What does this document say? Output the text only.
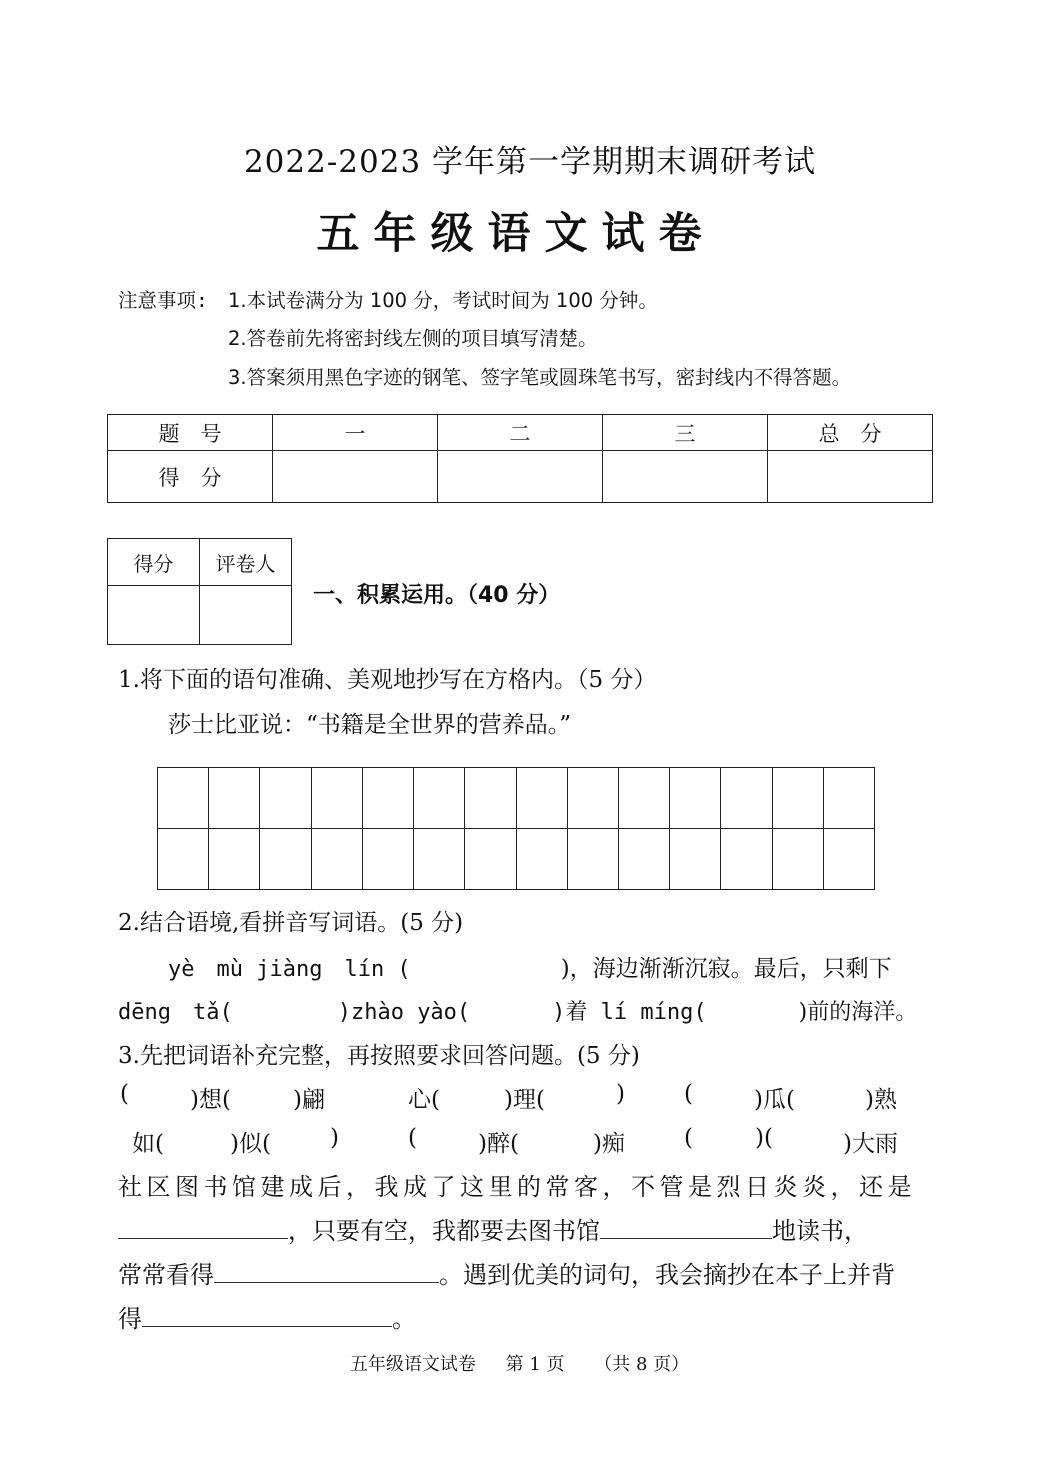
2022-2023 学年第一学期期末调研考试
五年级语文试卷
注意事项: 1.本试卷满分为 100 分，考试时间为 100 分钟。
2.答卷前先将密封线左侧的项目填写清楚。
3.答案须用黑色字迹的钢笔、签字笔或圆珠笔书写，密封线内不得答题。
题　号	一	二	三	总　分
得　分				
得分	评卷人

一、积累运用。（40 分）
1.将下面的语句准确、美观地抄写在方格内。（5 分）
莎士比亚说：“书籍是全世界的营养品。”
2.结合语境,看拼音写词语。(5 分)
yè　mù jiàng　lín (	)，海边渐渐沉寂。最后，只剩下
dēng　tǎ(	)zhào yào(	)着 lí míng(	)前的海洋。
3.先把词语补充完整，再按照要求回答问题。(5 分)
(	)想(	)翩	心(	)理(	)	(	)瓜(	)熟
如(	)似(	)	(	)醉(	)痴	(	)(	)大雨
社区图书馆建成后，我成了这里的常客，不管是烈日炎炎，还是
，只要有空，我都要去图书馆	地读书，
常常看得	。遇到优美的词句，我会摘抄在本子上并背
得	。
五年级语文试卷 第 1 页 （共 8 页）
